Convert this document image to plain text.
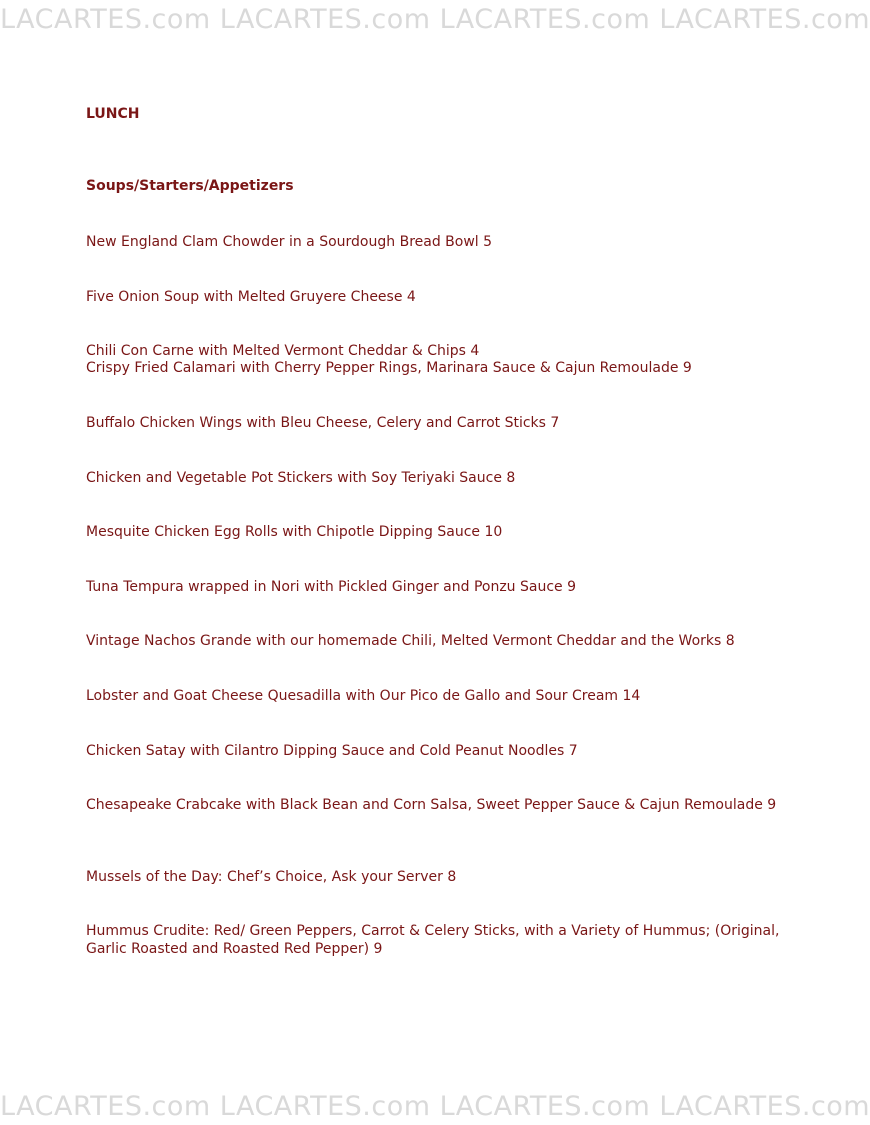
LACARTES.com LACARTES.com LACARTES.com LACARTES.com
LUNCH
Soups/Starters/Appetizers

New England Clam Chowder in a Sourdough Bread Bowl 5

Five Onion Soup with Melted Gruyere Cheese 4

Chili Con Carne with Melted Vermont Cheddar & Chips 4

Crispy Fried Calamari with Cherry Pepper Rings, Marinara Sauce & Cajun Remoulade 9

Buffalo Chicken Wings with Bleu Cheese, Celery and Carrot Sticks 7

Chicken and Vegetable Pot Stickers with Soy Teriyaki Sauce 8

Mesquite Chicken Egg Rolls with Chipotle Dipping Sauce 10

Tuna Tempura wrapped in Nori with Pickled Ginger and Ponzu Sauce 9

Vintage Nachos Grande with our homemade Chili, Melted Vermont Cheddar and the Works 8

Lobster and Goat Cheese Quesadilla with Our Pico de Gallo and Sour Cream 14

Chicken Satay with Cilantro Dipping Sauce and Cold Peanut Noodles 7

Chesapeake Crabcake with Black Bean and Corn Salsa, Sweet Pepper Sauce & Cajun Remoulade 9

Mussels of the Day: Chef’s Choice, Ask your Server 8

Hummus Crudite: Red/ Green Peppers, Carrot & Celery Sticks, with a Variety of Hummus; (Original, Garlic Roasted and Roasted Red Pepper) 9

LACARTES.com LACARTES.com LACARTES.com LACARTES.com
